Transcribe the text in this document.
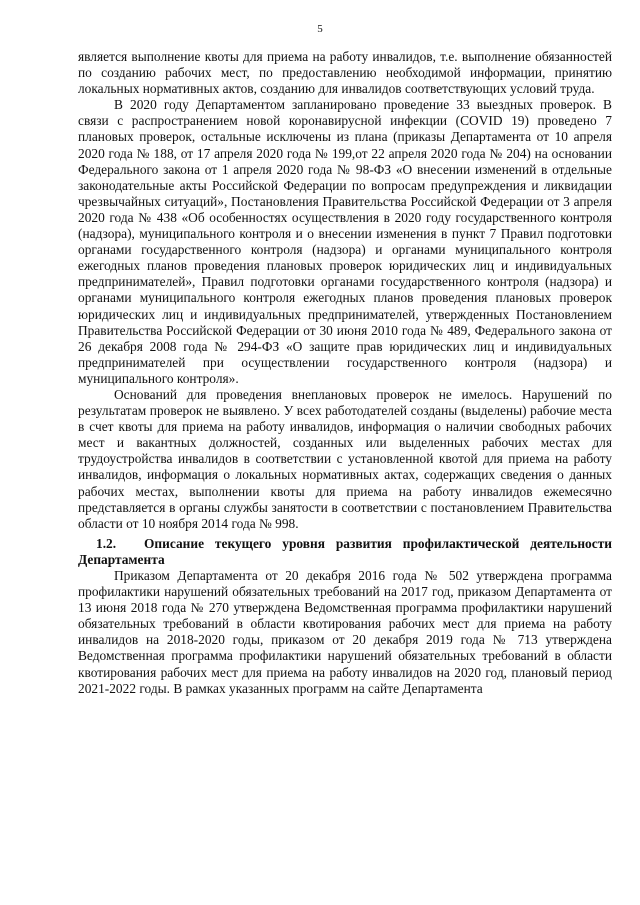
5

является выполнение квоты для приема на работу инвалидов, т.е. выполнение обязанностей по созданию рабочих мест, по предоставлению необходимой информации, принятию локальных нормативных актов, созданию для инвалидов соответствующих условий труда.

В 2020 году Департаментом запланировано проведение 33 выездных проверок. В связи с распространением новой коронавирусной инфекции (COVID 19) проведено 7 плановых проверок, остальные исключены из плана (приказы Департамента от 10 апреля 2020 года № 188, от 17 апреля 2020 года № 199,от 22 апреля 2020 года № 204) на основании Федерального закона от 1 апреля 2020 года № 98-ФЗ «О внесении изменений в отдельные законодательные акты Российской Федерации по вопросам предупреждения и ликвидации чрезвычайных ситуаций», Постановления Правительства Российской Федерации от 3 апреля 2020 года № 438 «Об особенностях осуществления в 2020 году государственного контроля (надзора), муниципального контроля и о внесении изменения в пункт 7 Правил подготовки органами государственного контроля (надзора) и органами муниципального контроля ежегодных планов проведения плановых проверок юридических лиц и индивидуальных предпринимателей», Правил подготовки органами государственного контроля (надзора) и органами муниципального контроля ежегодных планов проведения плановых проверок юридических лиц и индивидуальных предпринимателей, утвержденных Постановлением Правительства Российской Федерации от 30 июня 2010 года № 489, Федерального закона от 26 декабря 2008 года № 294-ФЗ «О защите прав юридических лиц и индивидуальных предпринимателей при осуществлении государственного контроля (надзора) и муниципального контроля».

Оснований для проведения внеплановых проверок не имелось. Нарушений по результатам проверок не выявлено. У всех работодателей созданы (выделены) рабочие места в счет квоты для приема на работу инвалидов, информация о наличии свободных рабочих мест и вакантных должностей, созданных или выделенных рабочих местах для трудоустройства инвалидов в соответствии с установленной квотой для приема на работу инвалидов, информация о локальных нормативных актах, содержащих сведения о данных рабочих местах, выполнении квоты для приема на работу инвалидов ежемесячно представляется в органы службы занятости в соответствии с постановлением Правительства области от 10 ноября 2014 года № 998.

1.2. Описание текущего уровня развития профилактической деятельности Департамента

Приказом Департамента от 20 декабря 2016 года № 502 утверждена программа профилактики нарушений обязательных требований на 2017 год, приказом Департамента от 13 июня 2018 года № 270 утверждена Ведомственная программа профилактики нарушений обязательных требований в области квотирования рабочих мест для приема на работу инвалидов на 2018-2020 годы, приказом от 20 декабря 2019 года № 713 утверждена Ведомственная программа профилактики нарушений обязательных требований в области квотирования рабочих мест для приема на работу инвалидов на 2020 год, плановый период 2021-2022 годы. В рамках указанных программ на сайте Департамента
